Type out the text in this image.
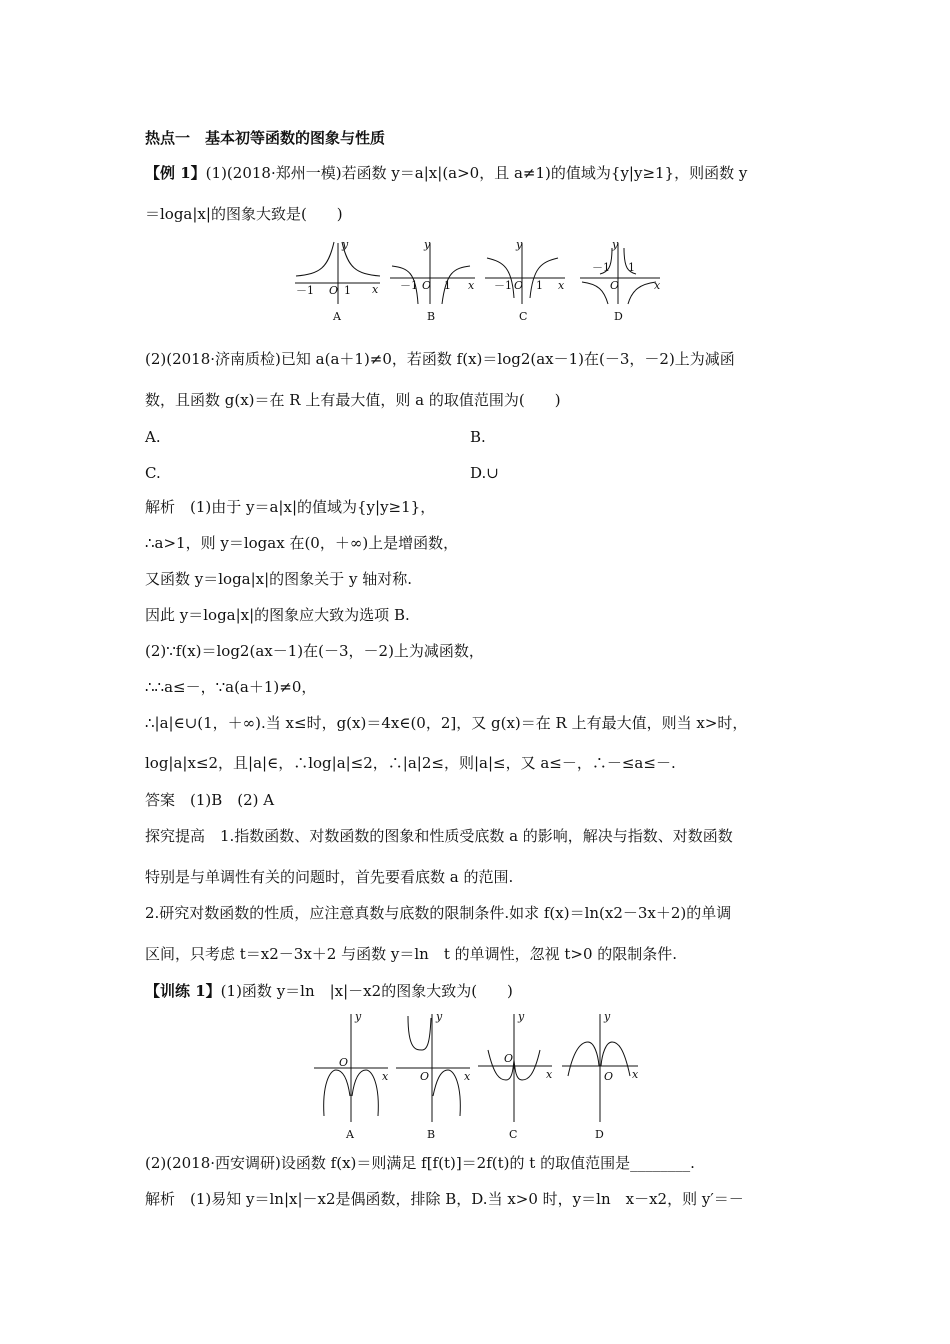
热点一　基本初等函数的图象与性质
【例 1】(1)(2018·郑州一模)若函数 y＝a|x|(a>0，且 a≠1)的值域为{y|y≥1}，则函数 y
＝loga|x|的图象大致是(　　)
y
x
O
－1	1
A
y
x
O
－1 1
B
y
x
O
－1 1
C
y
x
O
－1 1
D
(2)(2018·济南质检)已知 a(a＋1)≠0，若函数 f(x)＝log2(ax－1)在(－3，－2)上为减函
数，且函数 g(x)＝在 R 上有最大值，则 a 的取值范围为(　　)
A.	B.
C.	D.∪
解析　(1)由于 y＝a|x|的值域为{y|y≥1}，
∴a>1，则 y＝logax 在(0，＋∞)上是增函数，
又函数 y＝loga|x|的图象关于 y 轴对称.
因此 y＝loga|x|的图象应大致为选项 B.
(2)∵f(x)＝log2(ax－1)在(－3，－2)上为减函数，
∴∴a≤－，∵a(a＋1)≠0，
∴|a|∈∪(1，＋∞).当 x≤时，g(x)＝4x∈(0，2]，又 g(x)＝在 R 上有最大值，则当 x>时，
log|a|x≤2，且|a|∈，∴log|a|≤2，∴|a|2≤，则|a|≤，又 a≤－，∴－≤a≤－.
答案　(1)B　(2) A
探究提高　1.指数函数、对数函数的图象和性质受底数 a 的影响，解决与指数、对数函数
特别是与单调性有关的问题时，首先要看底数 a 的范围.
2.研究对数函数的性质，应注意真数与底数的限制条件.如求 f(x)＝ln(x2－3x＋2)的单调
区间，只考虑 t＝x2－3x＋2 与函数 y＝ln　t 的单调性，忽视 t>0 的限制条件.
【训练 1】(1)函数 y＝ln　|x|－x2的图象大致为(　　)
y
x
O
A
y
x
O
B
y
x
O
C
y
x
O
D
(2)(2018·西安调研)设函数 f(x)＝则满足 f[f(t)]＝2f(t)的 t 的取值范围是________.
解析　(1)易知 y＝ln|x|－x2是偶函数，排除 B，D.当 x>0 时，y＝ln　x－x2，则 y′＝－
